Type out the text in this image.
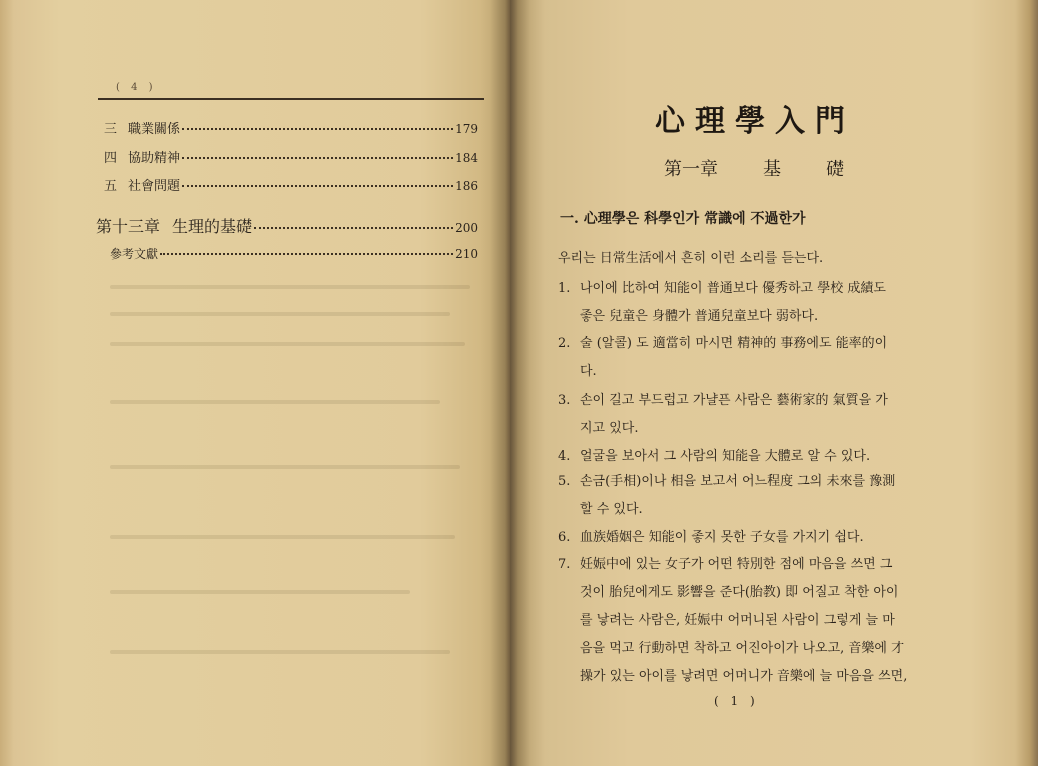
( 4 )
三 職業關係	179
四 協助精神	184
五 社會問題	186
第十三章 生理的基礎	200
參考文獻	210
心理學入門
第一章	基	礎
一. 心理學은 科學인가 常識에 不過한가
우리는 日常生活에서 흔히 이런 소리를 듣는다.
1. 나이에 比하여 知能이 普通보다 優秀하고 學校 成績도
좋은 兒童은 身體가 普通兒童보다 弱하다.
2. 술 (알콜) 도 適當히 마시면 精神的 事務에도 能率的이
다.
3. 손이 길고 부드럽고 가냘픈 사람은 藝術家的 氣質을 가
지고 있다.
4. 얼굴을 보아서 그 사람의 知能을 大體로 알 수 있다.
5. 손금(手相)이나 相을 보고서 어느程度 그의 未來를 豫測
할 수 있다.
6. 血族婚姻은 知能이 좋지 못한 子女를 가지기 쉽다.
7. 妊娠中에 있는 女子가 어떤 特別한 점에 마음을 쓰면 그
것이 胎兒에게도 影響을 준다(胎教) 即 어질고 착한 아이
를 낳려는 사람은, 妊娠中 어머니된 사람이 그렇게 늘 마
음을 먹고 行動하면 착하고 어진아이가 나오고, 音樂에 才
操가 있는 아이를 낳려면 어머니가 音樂에 늘 마음을 쓰면,
( 1 )
